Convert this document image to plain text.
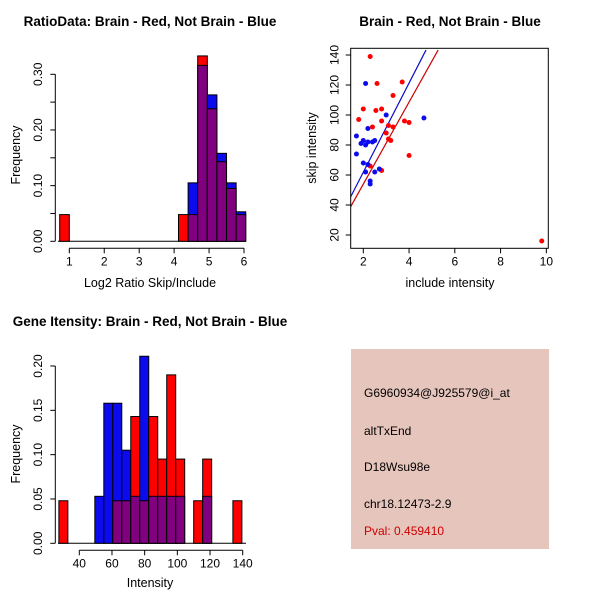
RatioData: Brain - Red, Not Brain - Blue
Frequency
0.00
0.10
0.20
0.30
1 2 3 4 5 6
Log2 Ratio Skip/Include
Brain - Red, Not Brain - Blue
skip intensity
2	4	6	8	10
20
40
60
80
100
120
140
include intensity
Gene Itensity: Brain - Red, Not Brain - Blue
Frequency
0.00
0.05
0.10
0.15
0.20
40 60 80 100 120 140
Intensity
G6960934@J925579@i_at
altTxEnd
D18Wsu98e
chr18.12473-2.9
Pval: 0.459410
